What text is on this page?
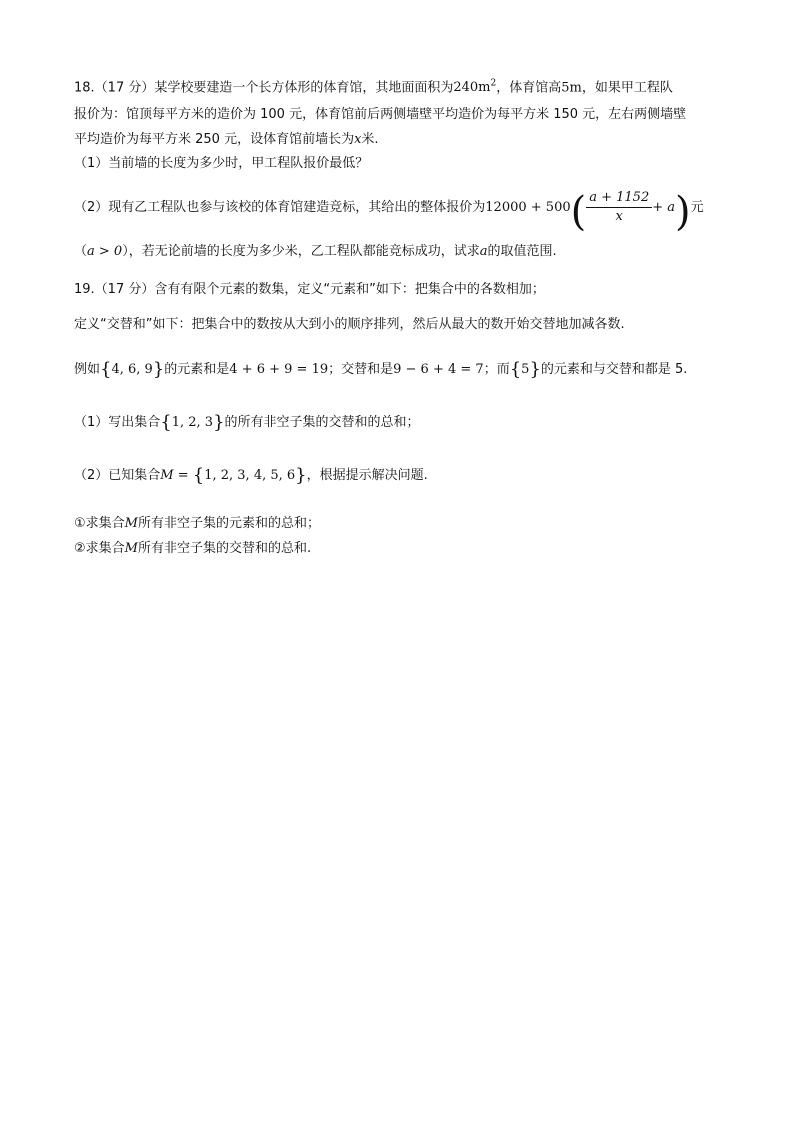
18.（17 分）某学校要建造一个长方体形的体育馆，其地面面积为$240m^2$，体育馆高5m，如果甲工程队
报价为：馆顶每平方米的造价为 100 元，体育馆前后两侧墙壁平均造价为每平方米 150 元，左右两侧墙壁
平均造价为每平方米 250 元，设体育馆前墙长为x米.
（1）当前墙的长度为多少时，甲工程队报价最低？
（2）现有乙工程队也参与该校的体育馆建造竞标，其给出的整体报价为$12000 + 500( \frac{a + 1152}{x} + a)$元
（a > 0），若无论前墙的长度为多少米，乙工程队都能竞标成功，试求a的取值范围.
19.（17 分）含有有限个元素的数集，定义“元素和”如下：把集合中的各数相加；
定义“交替和”如下：把集合中的数按从大到小的顺序排列，然后从最大的数开始交替地加减各数.
例如{4, 6, 9}的元素和是4 + 6 + 9 = 19；交替和是9 − 6 + 4 = 7；而{5}的元素和与交替和都是 5.
（1）写出集合{1, 2, 3}的所有非空子集的交替和的总和；
（2）已知集合M = {1, 2, 3, 4, 5, 6}，根据提示解决问题.
①求集合M所有非空子集的元素和的总和；
②求集合M所有非空子集的交替和的总和.
